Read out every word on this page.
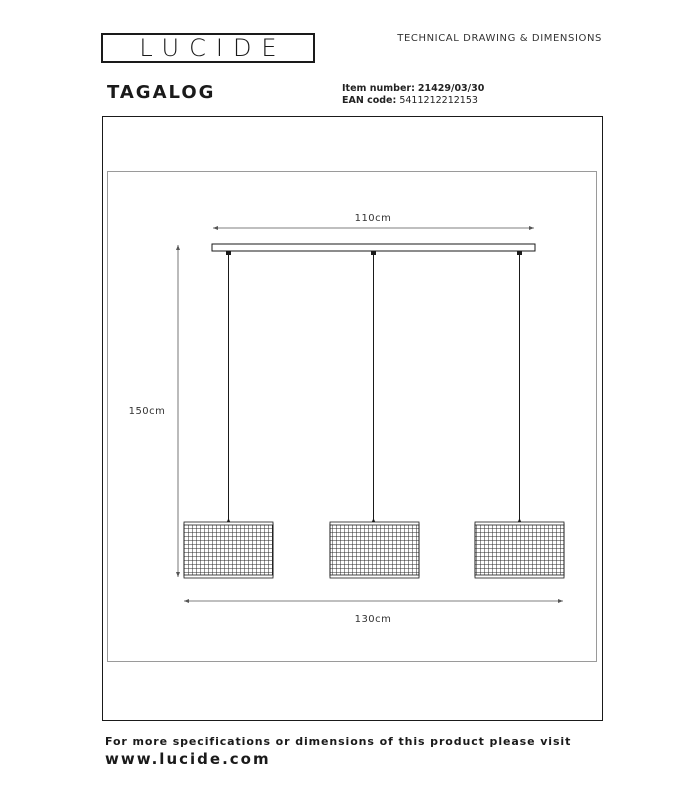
LUCIDE	TECHNICAL DRAWING & DIMENSIONS
TAGALOG	Item number: 21429/03/30
EAN code: 5411212212153
110cm
150cm
130cm
For more specifications or dimensions of this product please visit
www.lucide.com
